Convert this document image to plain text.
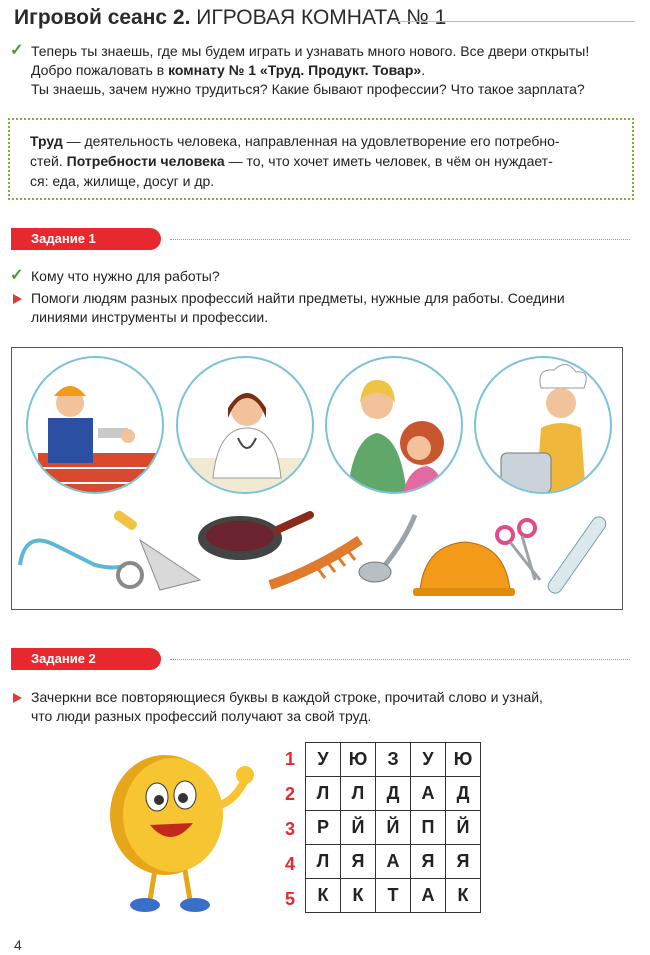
Игровой сеанс 2. ИГРОВАЯ КОМНАТА № 1
✓ Теперь ты знаешь, где мы будем играть и узнавать много нового. Все двери открыты!
Добро пожаловать в комнату № 1 «Труд. Продукт. Товар».
Ты знаешь, зачем нужно трудиться? Какие бывают профессии? Что такое зарплата?
Труд — деятельность человека, направленная на удовлетворение его потребно-
стей. Потребности человека — то, что хочет иметь человек, в чём он нуждает-
ся: еда, жилище, досуг и др.
Задание 1
✓ Кому что нужно для работы?
Помоги людям разных профессий найти предметы, нужные для работы. Соедини
линиями инструменты и профессии.
Задание 2
Зачеркни все повторяющиеся буквы в каждой строке, прочитай слово и узнай,
что люди разных профессий получают за свой труд.
1
2
3
4
5
У	Ю	З	У	Ю
Л	Л	Д	А	Д
Р	Й	Й	П	Й
Л	Я	А	Я	Я
К	К	Т	А	К
4
